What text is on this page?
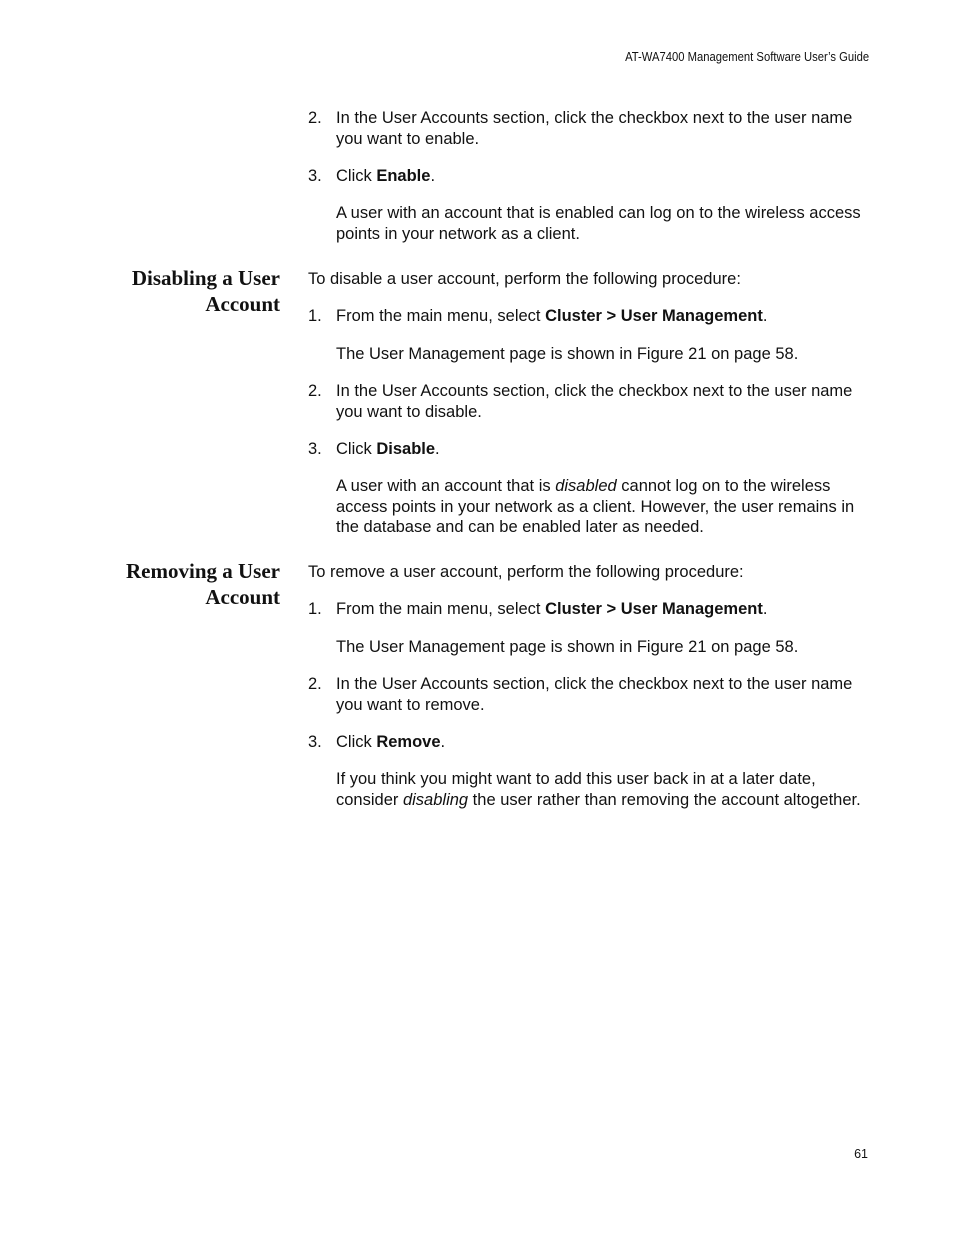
AT-WA7400 Management Software User’s Guide
2. In the User Accounts section, click the checkbox next to the user name you want to enable.
3. Click Enable.
A user with an account that is enabled can log on to the wireless access points in your network as a client.
Disabling a User
Account
To disable a user account, perform the following procedure:
1. From the main menu, select Cluster > User Management.
The User Management page is shown in Figure 21 on page 58.
2. In the User Accounts section, click the checkbox next to the user name you want to disable.
3. Click Disable.
A user with an account that is disabled cannot log on to the wireless access points in your network as a client. However, the user remains in the database and can be enabled later as needed.
Removing a User
Account
To remove a user account, perform the following procedure:
1. From the main menu, select Cluster > User Management.
The User Management page is shown in Figure 21 on page 58.
2. In the User Accounts section, click the checkbox next to the user name you want to remove.
3. Click Remove.
If you think you might want to add this user back in at a later date, consider disabling the user rather than removing the account altogether.
61
